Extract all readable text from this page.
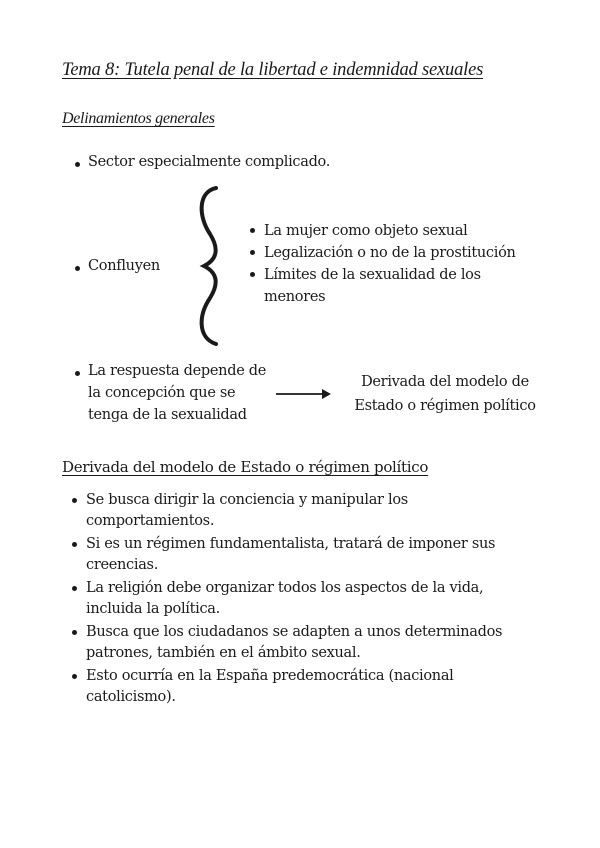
Tema 8: Tutela penal de la libertad e indemnidad sexuales
Delinamientos generales
Sector especialmente complicado.
Confluyen
La mujer como objeto sexual
Legalización o no de la prostitución
Límites de la sexualidad de los menores
La respuesta depende de la concepción que se tenga de la sexualidad
Derivada del modelo de Estado o régimen político
Derivada del modelo de Estado o régimen político
Se busca dirigir la conciencia y manipular los comportamientos.
Si es un régimen fundamentalista, tratará de imponer sus creencias.
La religión debe organizar todos los aspectos de la vida, incluida la política.
Busca que los ciudadanos se adapten a unos determinados patrones, también en el ámbito sexual.
Esto ocurría en la España predemocrática (nacional catolicismo).
